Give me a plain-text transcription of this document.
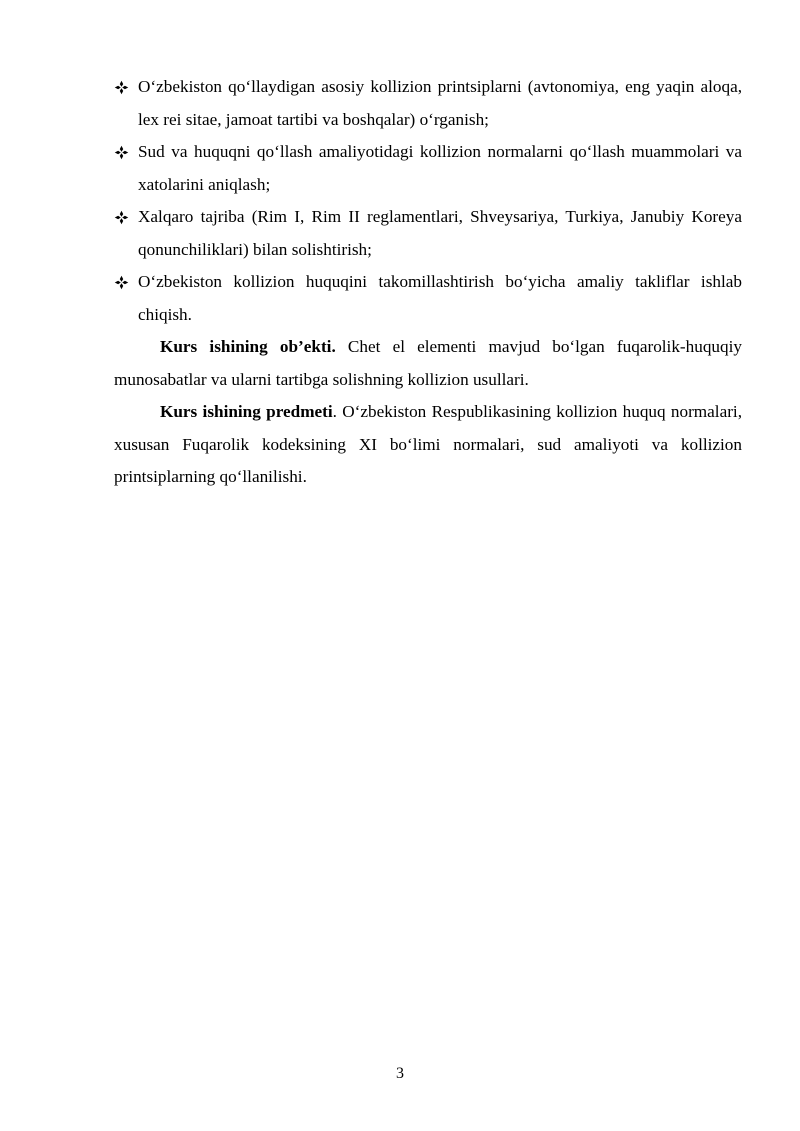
O‘zbekiston qo‘llaydigan asosiy kollizion printsiplarni (avtonomiya, eng yaqin aloqa, lex rei sitae, jamoat tartibi va boshqalar) o‘rganish;
Sud va huquqni qo‘llash amaliyotidagi kollizion normalarni qo‘llash muammolari va xatolarini aniqlash;
Xalqaro tajriba (Rim I, Rim II reglamentlari, Shveysariya, Turkiya, Janubiy Koreya qonunchiliklari) bilan solishtirish;
O‘zbekiston kollizion huquqini takomillashtirish bo‘yicha amaliy takliflar ishlab chiqish.

Kurs ishining ob’ekti. Chet el elementi mavjud bo‘lgan fuqarolik-huquqiy munosabatlar va ularni tartibga solishning kollizion usullari.

Kurs ishining predmeti. O‘zbekiston Respublikasining kollizion huquq normalari, xususan Fuqarolik kodeksining XI bo‘limi normalari, sud amaliyoti va kollizion printsiplarning qo‘llanilishi.

3
